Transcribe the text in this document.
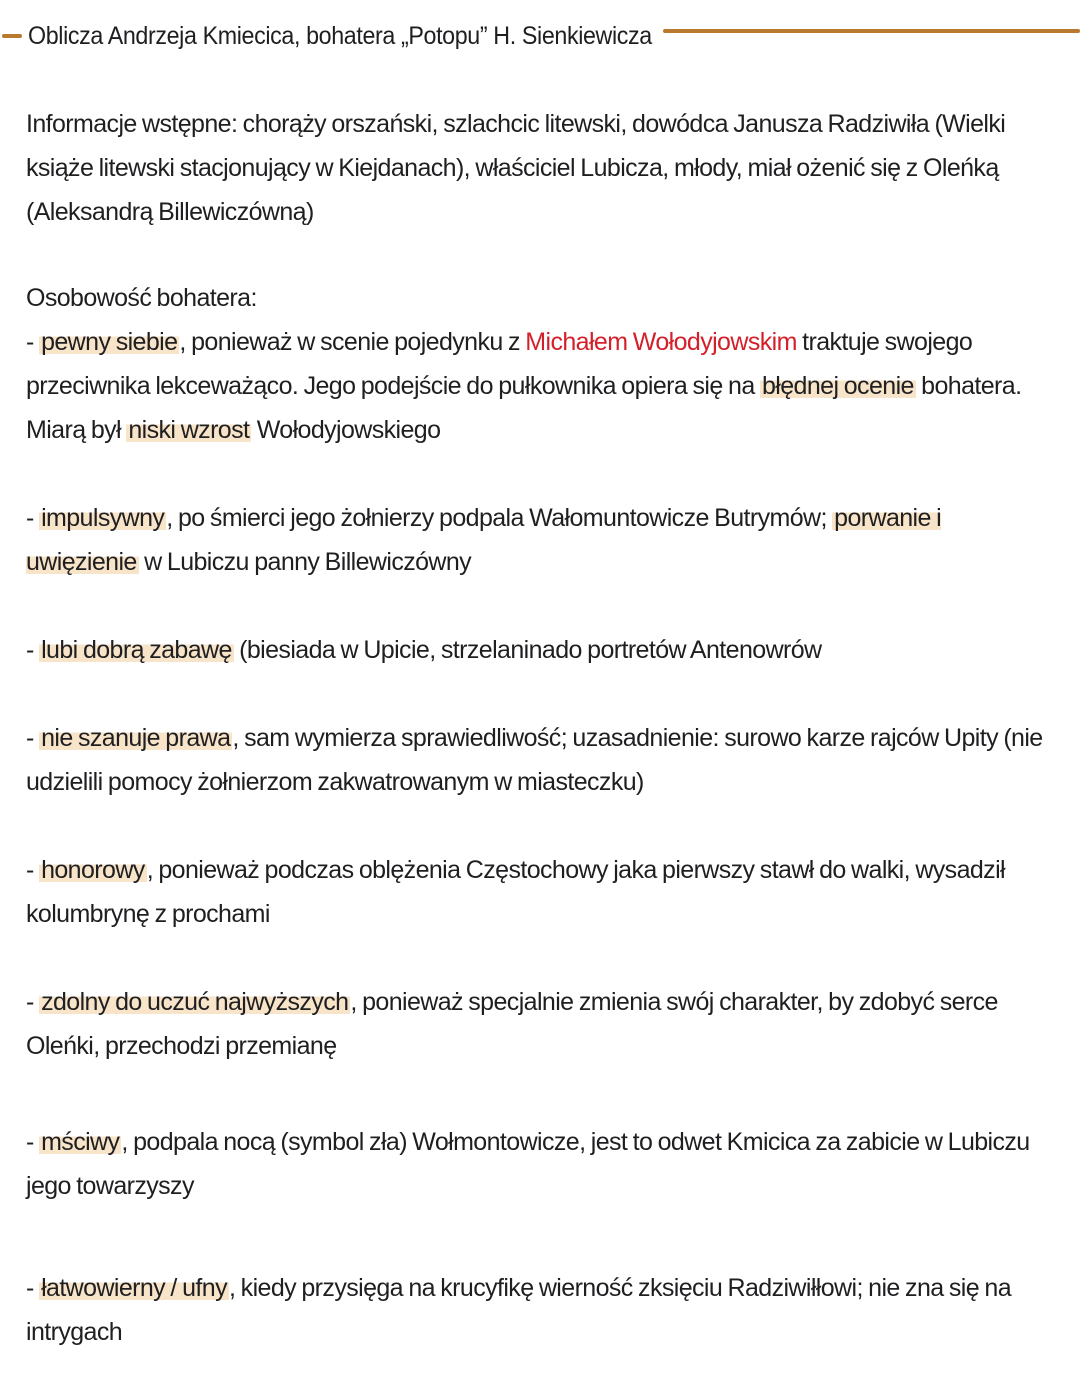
Oblicza Andrzeja Kmiecica, bohatera „Potopu” H. Sienkiewicza
Informacje wstępne: chorąży orszański, szlachcic litewski, dowódca Janusza Radziwiła (Wielki książe litewski stacjonujący w Kiejdanach), właściciel Lubicza, młody, miał ożenić się z Oleńką (Aleksandrą Billewiczówną)
Osobowość bohatera:
- pewny siebie, ponieważ w scenie pojedynku z Michałem Wołodyjowskim traktuje swojego przeciwnika lekceważąco. Jego podejście do pułkownika opiera się na błędnej ocenie bohatera. Miarą był niski wzrost Wołodyjowskiego
- impulsywny, po śmierci jego żołnierzy podpala Wałomuntowicze Butrymów; porwanie i uwięzienie w Lubiczu panny Billewiczówny
- lubi dobrą zabawę (biesiada w Upicie, strzelaninado portretów Antenowrów
- nie szanuje prawa, sam wymierza sprawiedliwość; uzasadnienie: surowo karze rajców Upity (nie udzielili pomocy żołnierzom zakwatrowanym w miasteczku)
- honorowy, ponieważ podczas oblężenia Częstochowy jaka pierwszy stawł do walki, wysadził kolumbrynę z prochami
- zdolny do uczuć najwyższych, ponieważ specjalnie zmienia swój charakter, by zdobyć serce Oleńki, przechodzi przemianę
- mściwy, podpala nocą (symbol zła) Wołmontowicze, jest to odwet Kmicica za zabicie w Lubiczu jego towarzyszy
- łatwowierny / ufny, kiedy przysięga na krucyfikę wierność zksięciu Radziwiłłowi; nie zna się na intrygach
